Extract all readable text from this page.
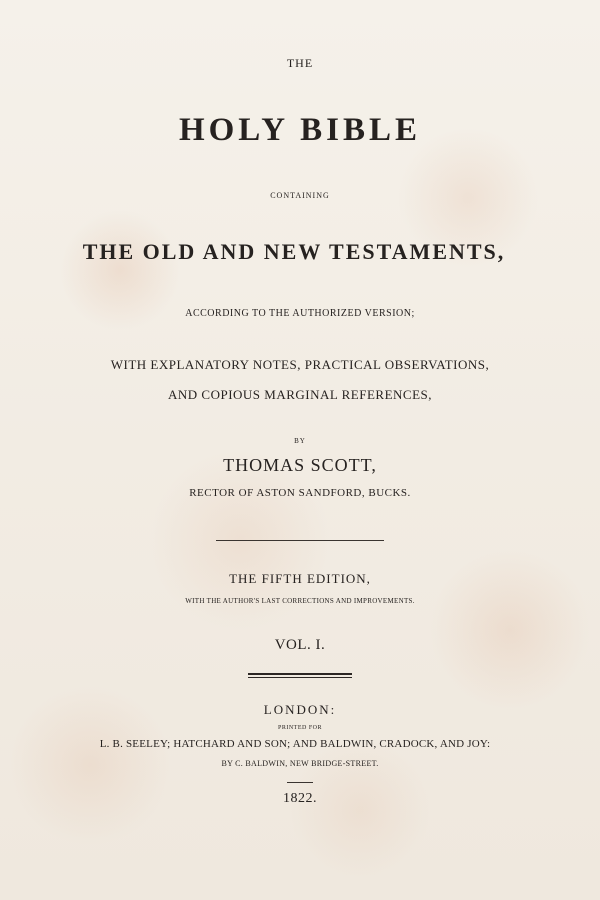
THE
HOLY BIBLE
CONTAINING
THE OLD AND NEW TESTAMENTS,
ACCORDING TO THE AUTHORIZED VERSION;
WITH EXPLANATORY NOTES, PRACTICAL OBSERVATIONS,
AND COPIOUS MARGINAL REFERENCES,
BY
THOMAS SCOTT,
RECTOR OF ASTON SANDFORD, BUCKS.
THE FIFTH EDITION,
WITH THE AUTHOR'S LAST CORRECTIONS AND IMPROVEMENTS.
VOL. I.
LONDON:
PRINTED FOR
L. B. SEELEY; HATCHARD AND SON; AND BALDWIN, CRADOCK, AND JOY:
BY C. BALDWIN, NEW BRIDGE-STREET.
1822.
